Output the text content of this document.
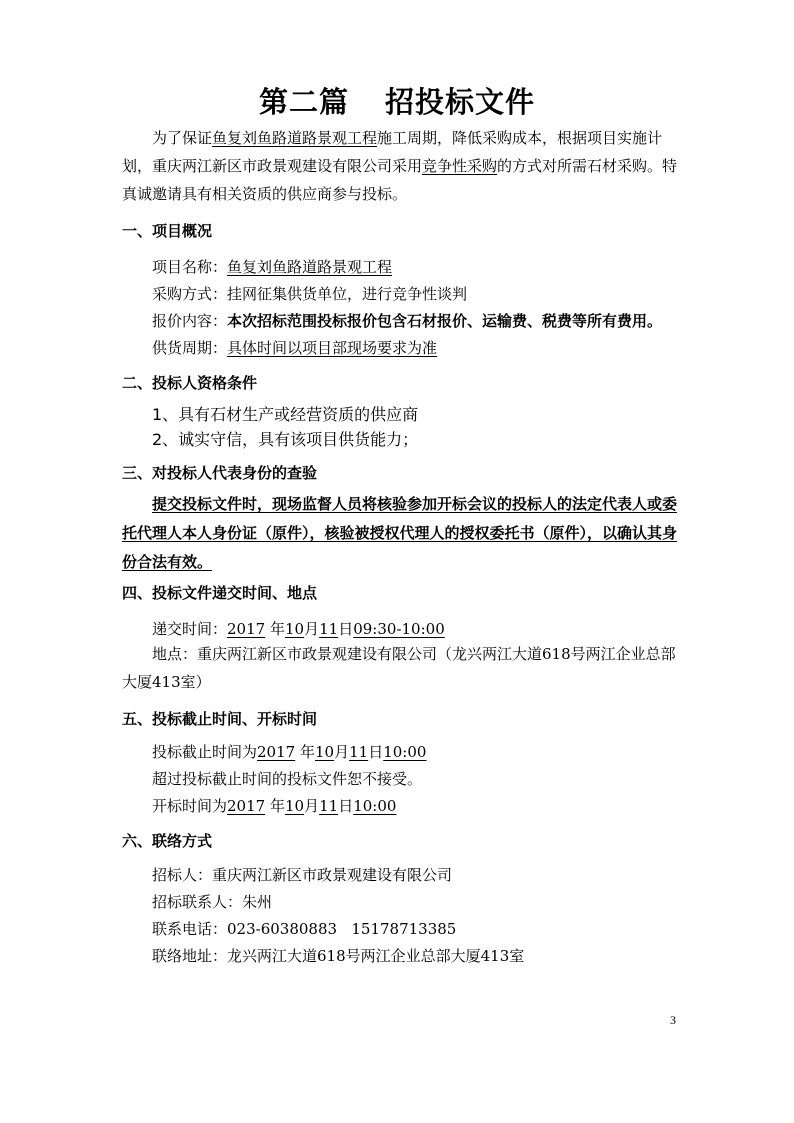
第二篇 招投标文件
为了保证鱼复刘鱼路道路景观工程施工周期，降低采购成本，根据项目实施计划，重庆两江新区市政景观建设有限公司采用竞争性采购的方式对所需石材采购。特真诚邀请具有相关资质的供应商参与投标。
一、项目概况
项目名称：鱼复刘鱼路道路景观工程
采购方式：挂网征集供货单位，进行竞争性谈判
报价内容：本次招标范围投标报价包含石材报价、运输费、税费等所有费用。
供货周期：具体时间以项目部现场要求为准
二、投标人资格条件
1、具有石材生产或经营资质的供应商
2、诚实守信，具有该项目供货能力；
三、对投标人代表身份的查验
提交投标文件时，现场监督人员将核验参加开标会议的投标人的法定代表人或委托代理人本人身份证（原件），核验被授权代理人的授权委托书（原件），以确认其身份合法有效。
四、投标文件递交时间、地点
递交时间：2017 年10月11日09:30-10:00
地点：重庆两江新区市政景观建设有限公司（龙兴两江大道618号两江企业总部大厦413室）
五、投标截止时间、开标时间
投标截止时间为2017 年10月11日10:00
超过投标截止时间的投标文件恕不接受。
开标时间为2017 年10月11日10:00
六、联络方式
招标人：重庆两江新区市政景观建设有限公司
招标联系人：朱州
联系电话：023-60380883   15178713385
联络地址：龙兴两江大道618号两江企业总部大厦413室
3
